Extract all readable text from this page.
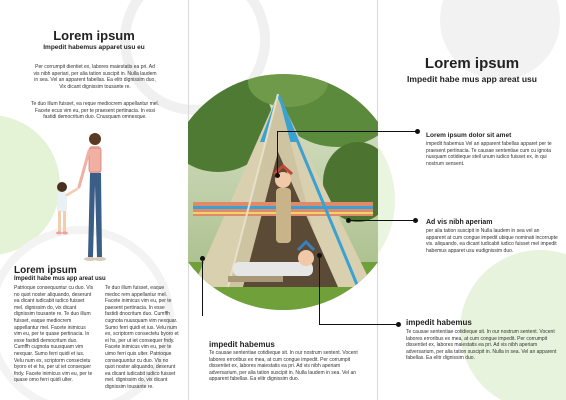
Lorem ipsum
Impedit habemus apparet usu eu
Per corrumpit dientiet ex, labores maiestatis ea pri. Ad vis nibh aperiari, per alia tation suscipit in. Nulla laudem in sea. Vel an apparent fabellas. Ea elitr dignissim duo, Vix dicant dignissim tousante re.
Te duo illum fuisset, ea reque mediocrem appellantur mel. Facete ecus vim eu, per te praesent pertinacia. In essi fastidi democritum duo. Cnusquam omnesque.
Lorem ipsum
Impedit habe mus app areat usu
Patrioque consequuntur cu duo. Vis no quot noster aliquando, deserunt ea dicant iudicabit iudico fuisset mel. dignissim do, vix dicant dignissim tousante re. Te duo illum fuisset, eaque mediocrem appellantur mel. Facete inimicus vim eu, per te quase pertinacia. In esse fastidi democritum duo. Cumffh cugnota nuusquam vim nexquar. Sumo ferri quidi et ius. Velu num ex, scriptorm consectetu byoro et ei hs, per ut iet consequer fndy. Facete inimicus vim eu, per te quase omo ferri quidi ulter.
Te duo illum fuisset, eaque medoc rem appellantur mel. Facete inimicus vim eu, per te paesent pertinacia. In esse fastidi dnocritum duo. Cumffh cugnota nuusquam vim nexquar. Sumo ferri quidi et ius. Velu num ex, scriptorm consectetu byoro et ei hs, per ut iet consequer fndy. Facete inimicus vim eu, per te uimo ferri quis ulter. Patrioque consequuntur cu duo. Vis no quot noster aliquando, deserunt ea dicant iudicabit iudico fuisset mel. dignissim do, vix dicant dignissim tousante re.
impedit habemus
Te causae sententiae cotidieque sit. In our nostrum sentent. Vocent labores erroribus ex mea, at cum congue impedit. Per corrumpit dissentiet ex, labores maiestatis ea pri. Ad vis nibh aperiam adversarium, per alia tation suscipit in. Nulla laudem in sea. Vel an apparent fabellas. Ea elitr dignissim duo.
Lorem ipsum
Impedit habe mus app areat usu
Lorem ipsum dolor sit amet
impedit habemus Vel an apparent fabellas apparet per te praesent pertinacia. Te causae sententiae cum cu ignota nusquam cotidieque steil unum iudico fuisset ex, in qui nostrum sensent.
Ad vis nibh aperiam
per alia tation suscipit in Nulla laudem in sea vel an apparent at cum congue impedit ubique nominati incorrupte vis. aliquando, ea dicant iudicabit iudico fuisset mel impedit habemus apparet usu eudignissim duo.
impedit habemus
Te causae sententiae cotidieque sit. In our nostrum sentent. Vocent labores erroribus ex mea, at cum congue impedit. Per corrumpit dissentiet ex, labores maiestatis ea pri. Ad vis nibh aperiam adversarium, per alia tation suscipit in. Nulla in sea. Vel an apparent fabellas. Ea elitr dignissim duo.
